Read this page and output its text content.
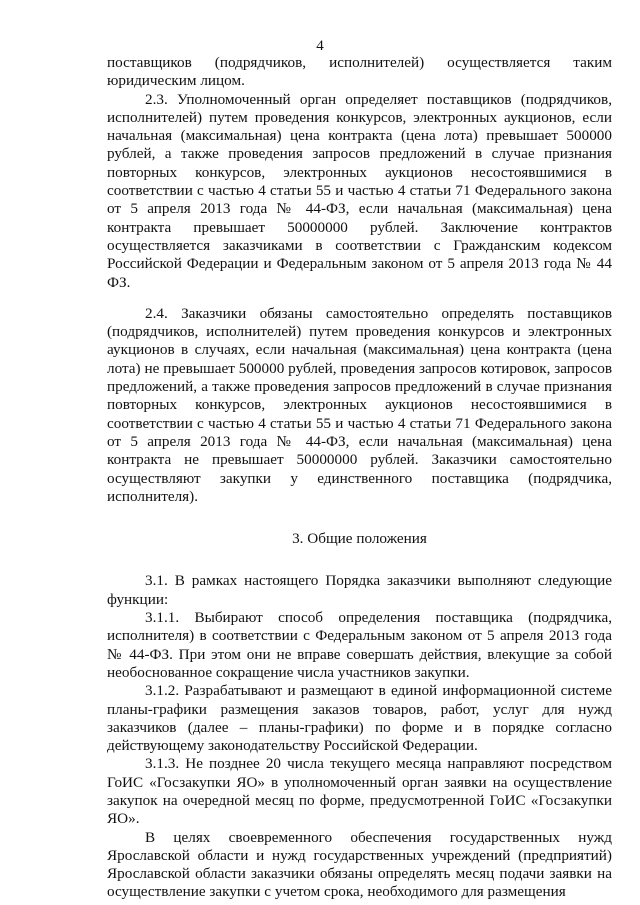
4

поставщиков (подрядчиков, исполнителей) осуществляется таким юридическим лицом.

2.3. Уполномоченный орган определяет поставщиков (подрядчиков, исполнителей) путем проведения конкурсов, электронных аукционов, если начальная (максимальная) цена контракта (цена лота) превышает 500000 рублей, а также проведения запросов предложений в случае признания повторных конкурсов, электронных аукционов несостоявшимися в соответствии с частью 4 статьи 55 и частью 4 статьи 71 Федерального закона от 5 апреля 2013 года № 44-ФЗ, если начальная (максимальная) цена контракта превышает 50000000 рублей. Заключение контрактов осуществляется заказчиками в соответствии с Гражданским кодексом Российской Федерации и Федеральным законом от 5 апреля 2013 года № 44 ФЗ.

2.4. Заказчики обязаны самостоятельно определять поставщиков (подрядчиков, исполнителей) путем проведения конкурсов и электронных аукционов в случаях, если начальная (максимальная) цена контракта (цена лота) не превышает 500000 рублей, проведения запросов котировок, запросов предложений, а также проведения запросов предложений в случае признания повторных конкурсов, электронных аукционов несостоявшимися в соответствии с частью 4 статьи 55 и частью 4 статьи 71 Федерального закона от 5 апреля 2013 года № 44-ФЗ, если начальная (максимальная) цена контракта не превышает 50000000 рублей. Заказчики самостоятельно осуществляют закупки у единственного поставщика (подрядчика, исполнителя).

3. Общие положения

3.1. В рамках настоящего Порядка заказчики выполняют следующие функции:

3.1.1. Выбирают способ определения поставщика (подрядчика, исполнителя) в соответствии с Федеральным законом от 5 апреля 2013 года № 44-ФЗ. При этом они не вправе совершать действия, влекущие за собой необоснованное сокращение числа участников закупки.

3.1.2. Разрабатывают и размещают в единой информационной системе планы-графики размещения заказов товаров, работ, услуг для нужд заказчиков (далее – планы-графики) по форме и в порядке согласно действующему законодательству Российской Федерации.

3.1.3. Не позднее 20 числа текущего месяца направляют посредством ГоИС «Госзакупки ЯО» в уполномоченный орган заявки на осуществление закупок на очередной месяц по форме, предусмотренной ГоИС «Госзакупки ЯО».

В целях своевременного обеспечения государственных нужд Ярославской области и нужд государственных учреждений (предприятий) Ярославской области заказчики обязаны определять месяц подачи заявки на осуществление закупки с учетом срока, необходимого для размещения
